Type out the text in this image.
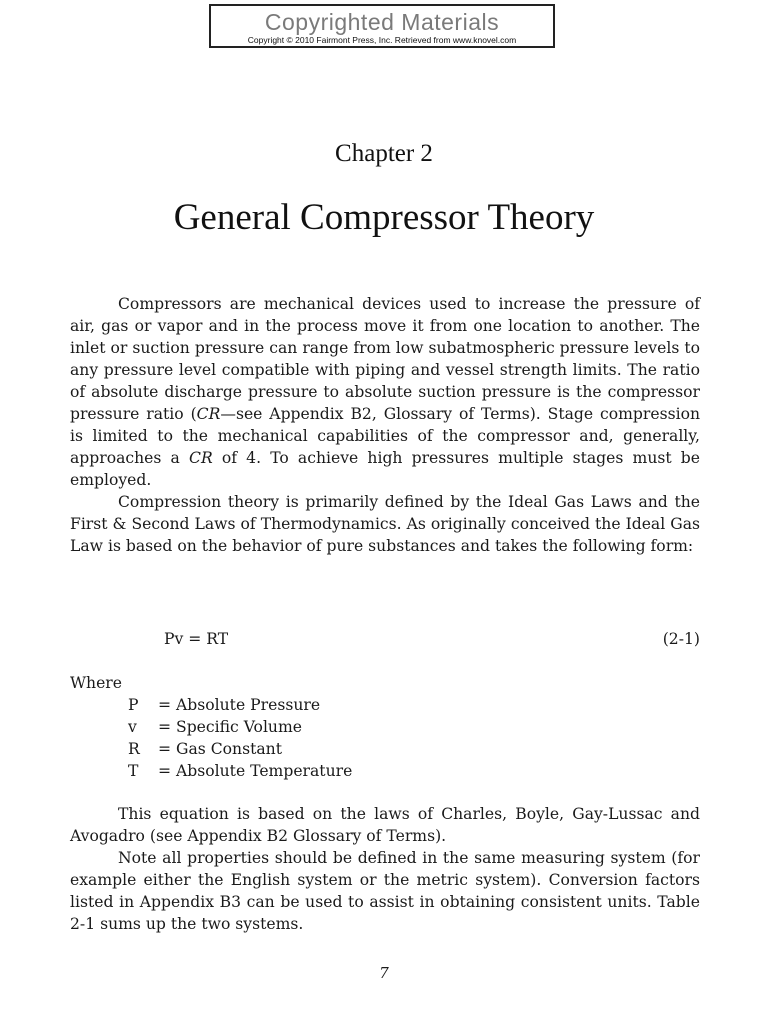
Copyrighted Materials
Copyright © 2010 Fairmont Press, Inc. Retrieved from www.knovel.com
Chapter 2
General Compressor Theory

Compressors are mechanical devices used to increase the pressure of air, gas or vapor and in the process move it from one location to another. The inlet or suction pressure can range from low subatmospheric pressure levels to any pressure level compatible with piping and vessel strength limits. The ratio of absolute discharge pressure to absolute suction pressure is the compressor pressure ratio (CR—see Appendix B2, Glossary of Terms). Stage compression is limited to the mechanical capabilities of the compressor and, generally, approaches a CR of 4. To achieve high pressures multiple stages must be employed.

Compression theory is primarily defined by the Ideal Gas Laws and the First & Second Laws of Thermodynamics. As originally conceived the Ideal Gas Law is based on the behavior of pure substances and takes the following form:

Pv = RT	(2-1)
Where
P = Absolute Pressure
v = Specific Volume
R = Gas Constant
T = Absolute Temperature

This equation is based on the laws of Charles, Boyle, Gay-Lussac and Avogadro (see Appendix B2 Glossary of Terms).

Note all properties should be defined in the same measuring system (for example either the English system or the metric system). Conversion factors listed in Appendix B3 can be used to assist in obtaining consistent units. Table 2-1 sums up the two systems.

7
